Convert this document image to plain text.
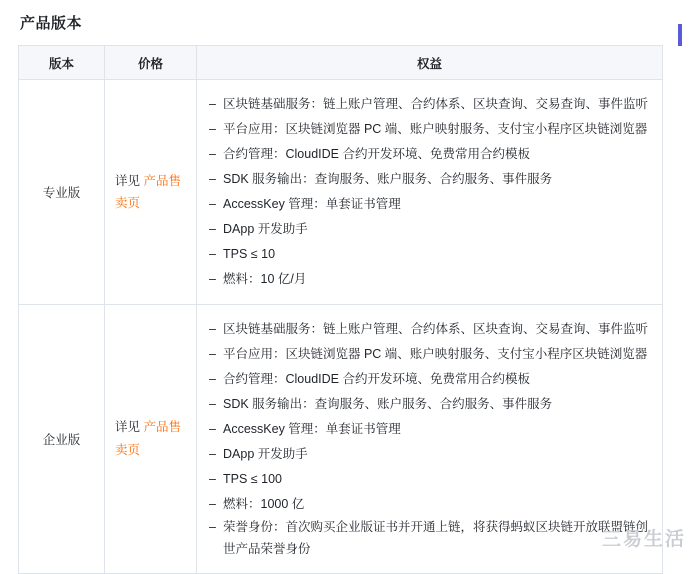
产品版本
版本	价格	权益
专业版	详见 产品售卖页	
– 区块链基础服务：链上账户管理、合约体系、区块查询、交易查询、事件监听
– 平台应用：区块链浏览器 PC 端、账户映射服务、支付宝小程序区块链浏览器
– 合约管理：CloudIDE 合约开发环境、免费常用合约模板
– SDK 服务输出：查询服务、账户服务、合约服务、事件服务
– AccessKey 管理：单套证书管理
– DApp 开发助手
– TPS ≤ 10
– 燃料：10 亿/月

企业版	详见 产品售卖页	
– 区块链基础服务：链上账户管理、合约体系、区块查询、交易查询、事件监听
– 平台应用：区块链浏览器 PC 端、账户映射服务、支付宝小程序区块链浏览器
– 合约管理：CloudIDE 合约开发环境、免费常用合约模板
– SDK 服务输出：查询服务、账户服务、合约服务、事件服务
– AccessKey 管理：单套证书管理
– DApp 开发助手
– TPS ≤ 100
– 燃料：1000 亿
– 荣誉身份：首次购买企业版证书并开通上链，将获得蚂蚁区块链开放联盟链创世产品荣誉身份	三易生活
